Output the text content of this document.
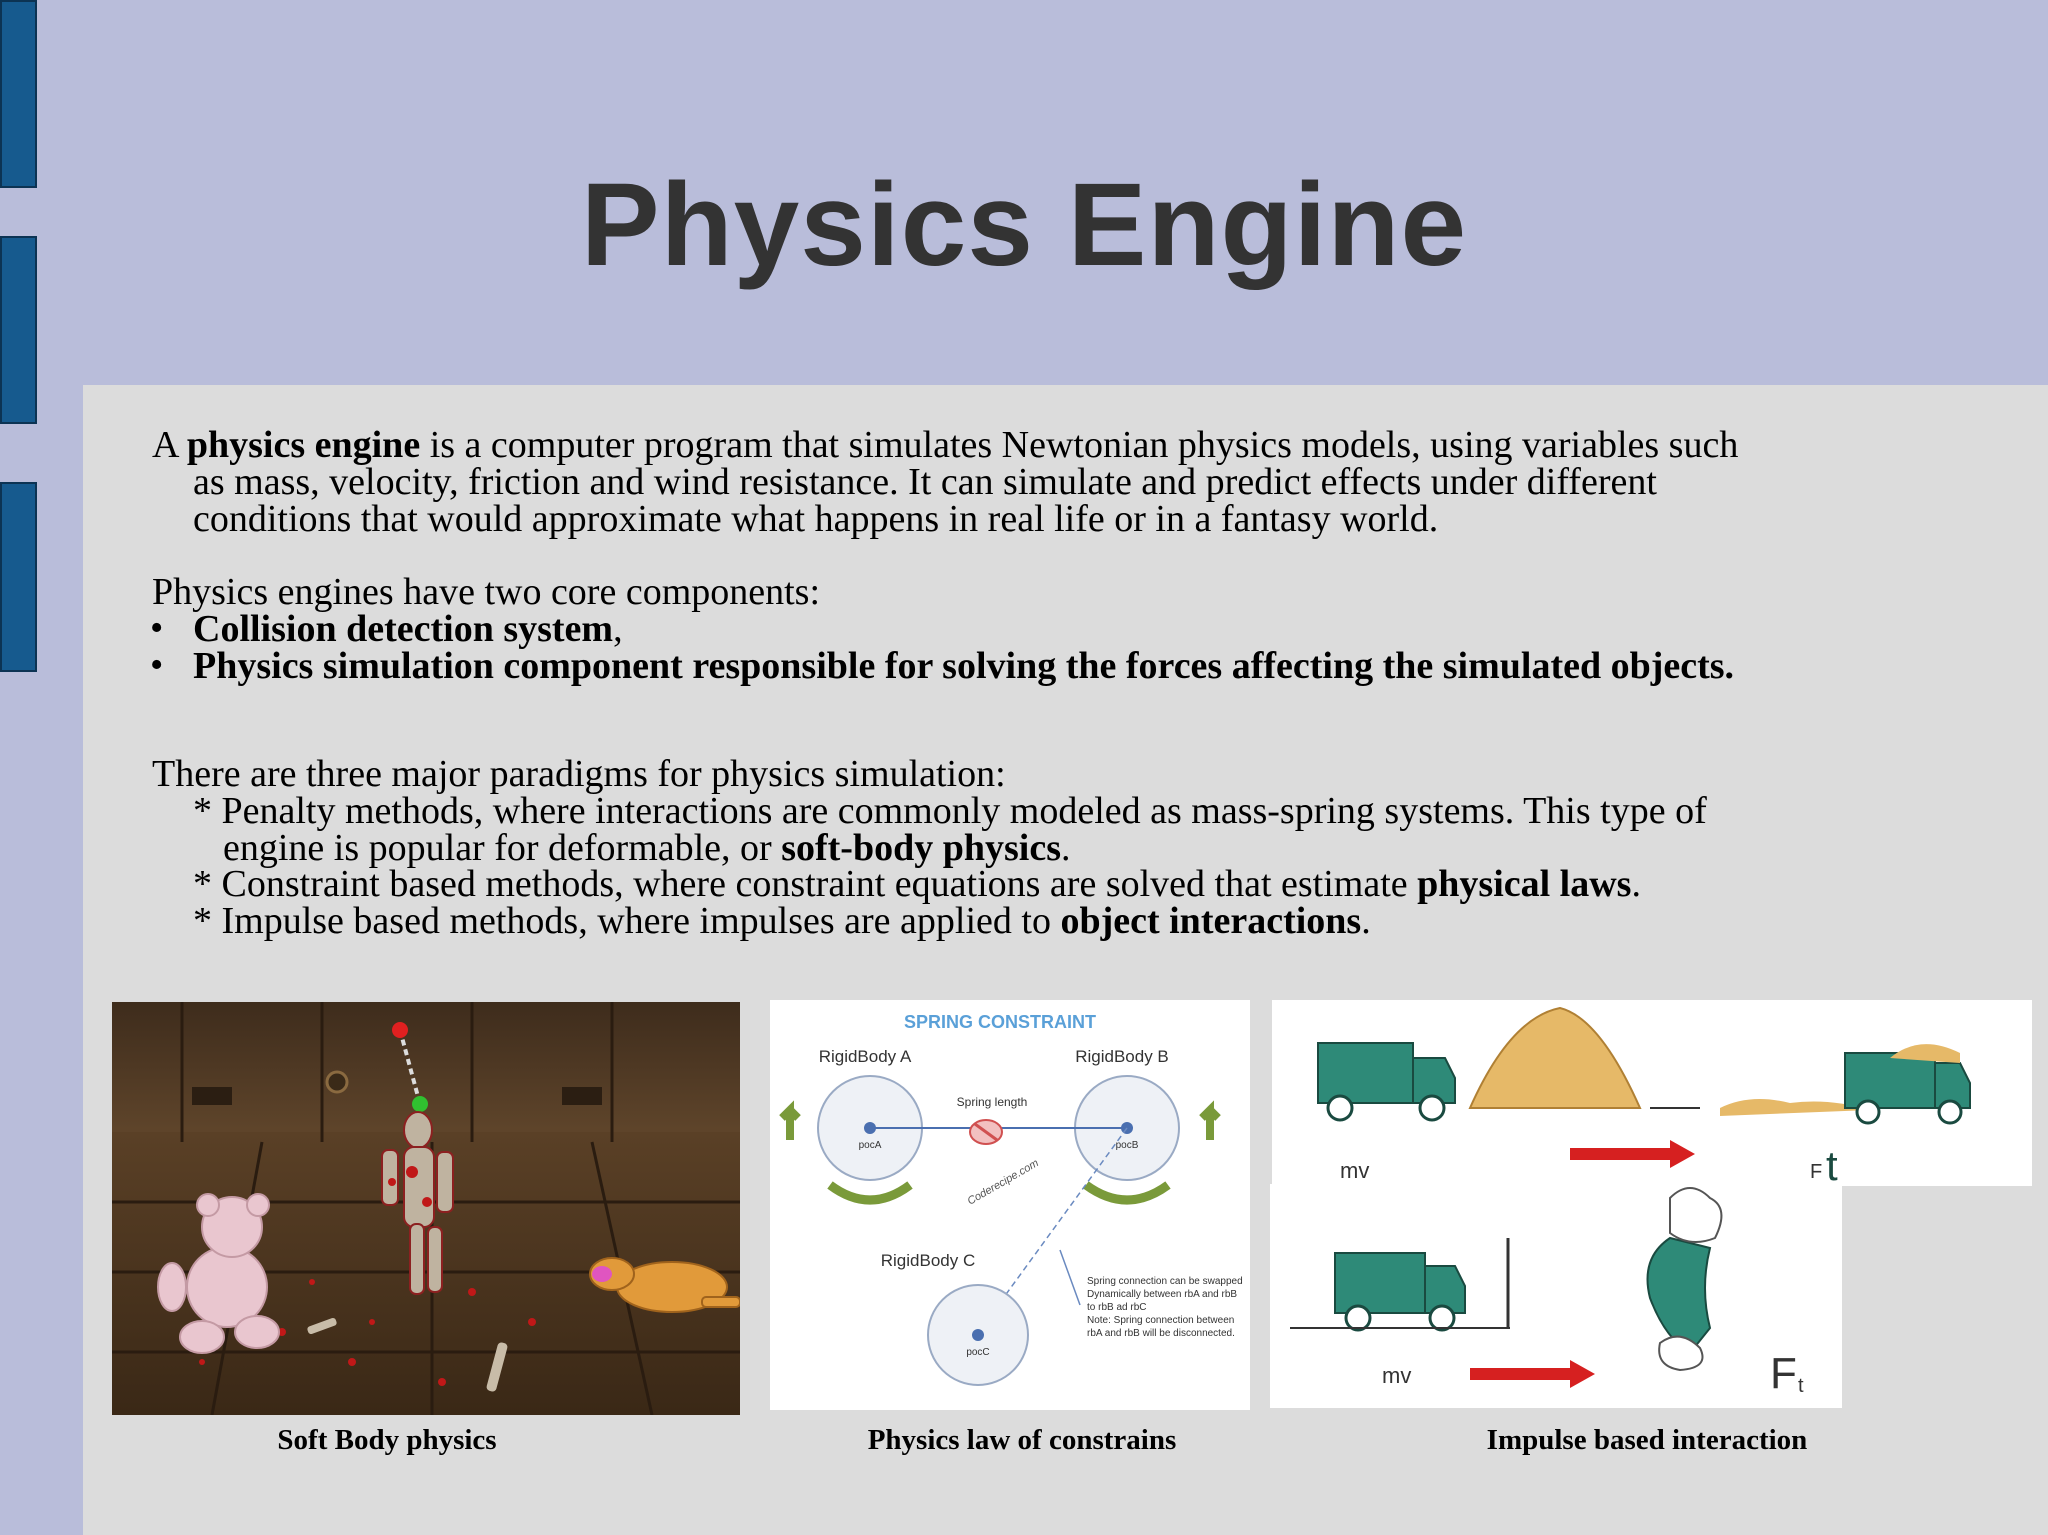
Physics Engine
A physics engine is a computer program that simulates Newtonian physics models, using variables such
as mass, velocity, friction and wind resistance. It can simulate and predict effects under different
conditions that would approximate what happens in real life or in a fantasy world.
Physics engines have two core components:
• Collision detection system,
• Physics simulation component responsible for solving the forces affecting the simulated objects.
There are three major paradigms for physics simulation:
* Penalty methods, where interactions are commonly modeled as mass-spring systems. This type of
engine is popular for deformable, or soft-body physics.
* Constraint based methods, where constraint equations are solved that estimate physical laws.
* Impulse based methods, where impulses are applied to object interactions.
SPRING CONSTRAINT
RigidBody A	RigidBody B
pocA	pocB
Spring length
Coderecipe.com
RigidBody C
pocC
Spring connection can be swapped
Dynamically between rbA and rbB
to rbB ad rbC
Note: Spring connection between
rbA and rbB will be disconnected.
mv	F t
mv	F t
Soft Body physics	Physics law of constrains	Impulse based interaction
